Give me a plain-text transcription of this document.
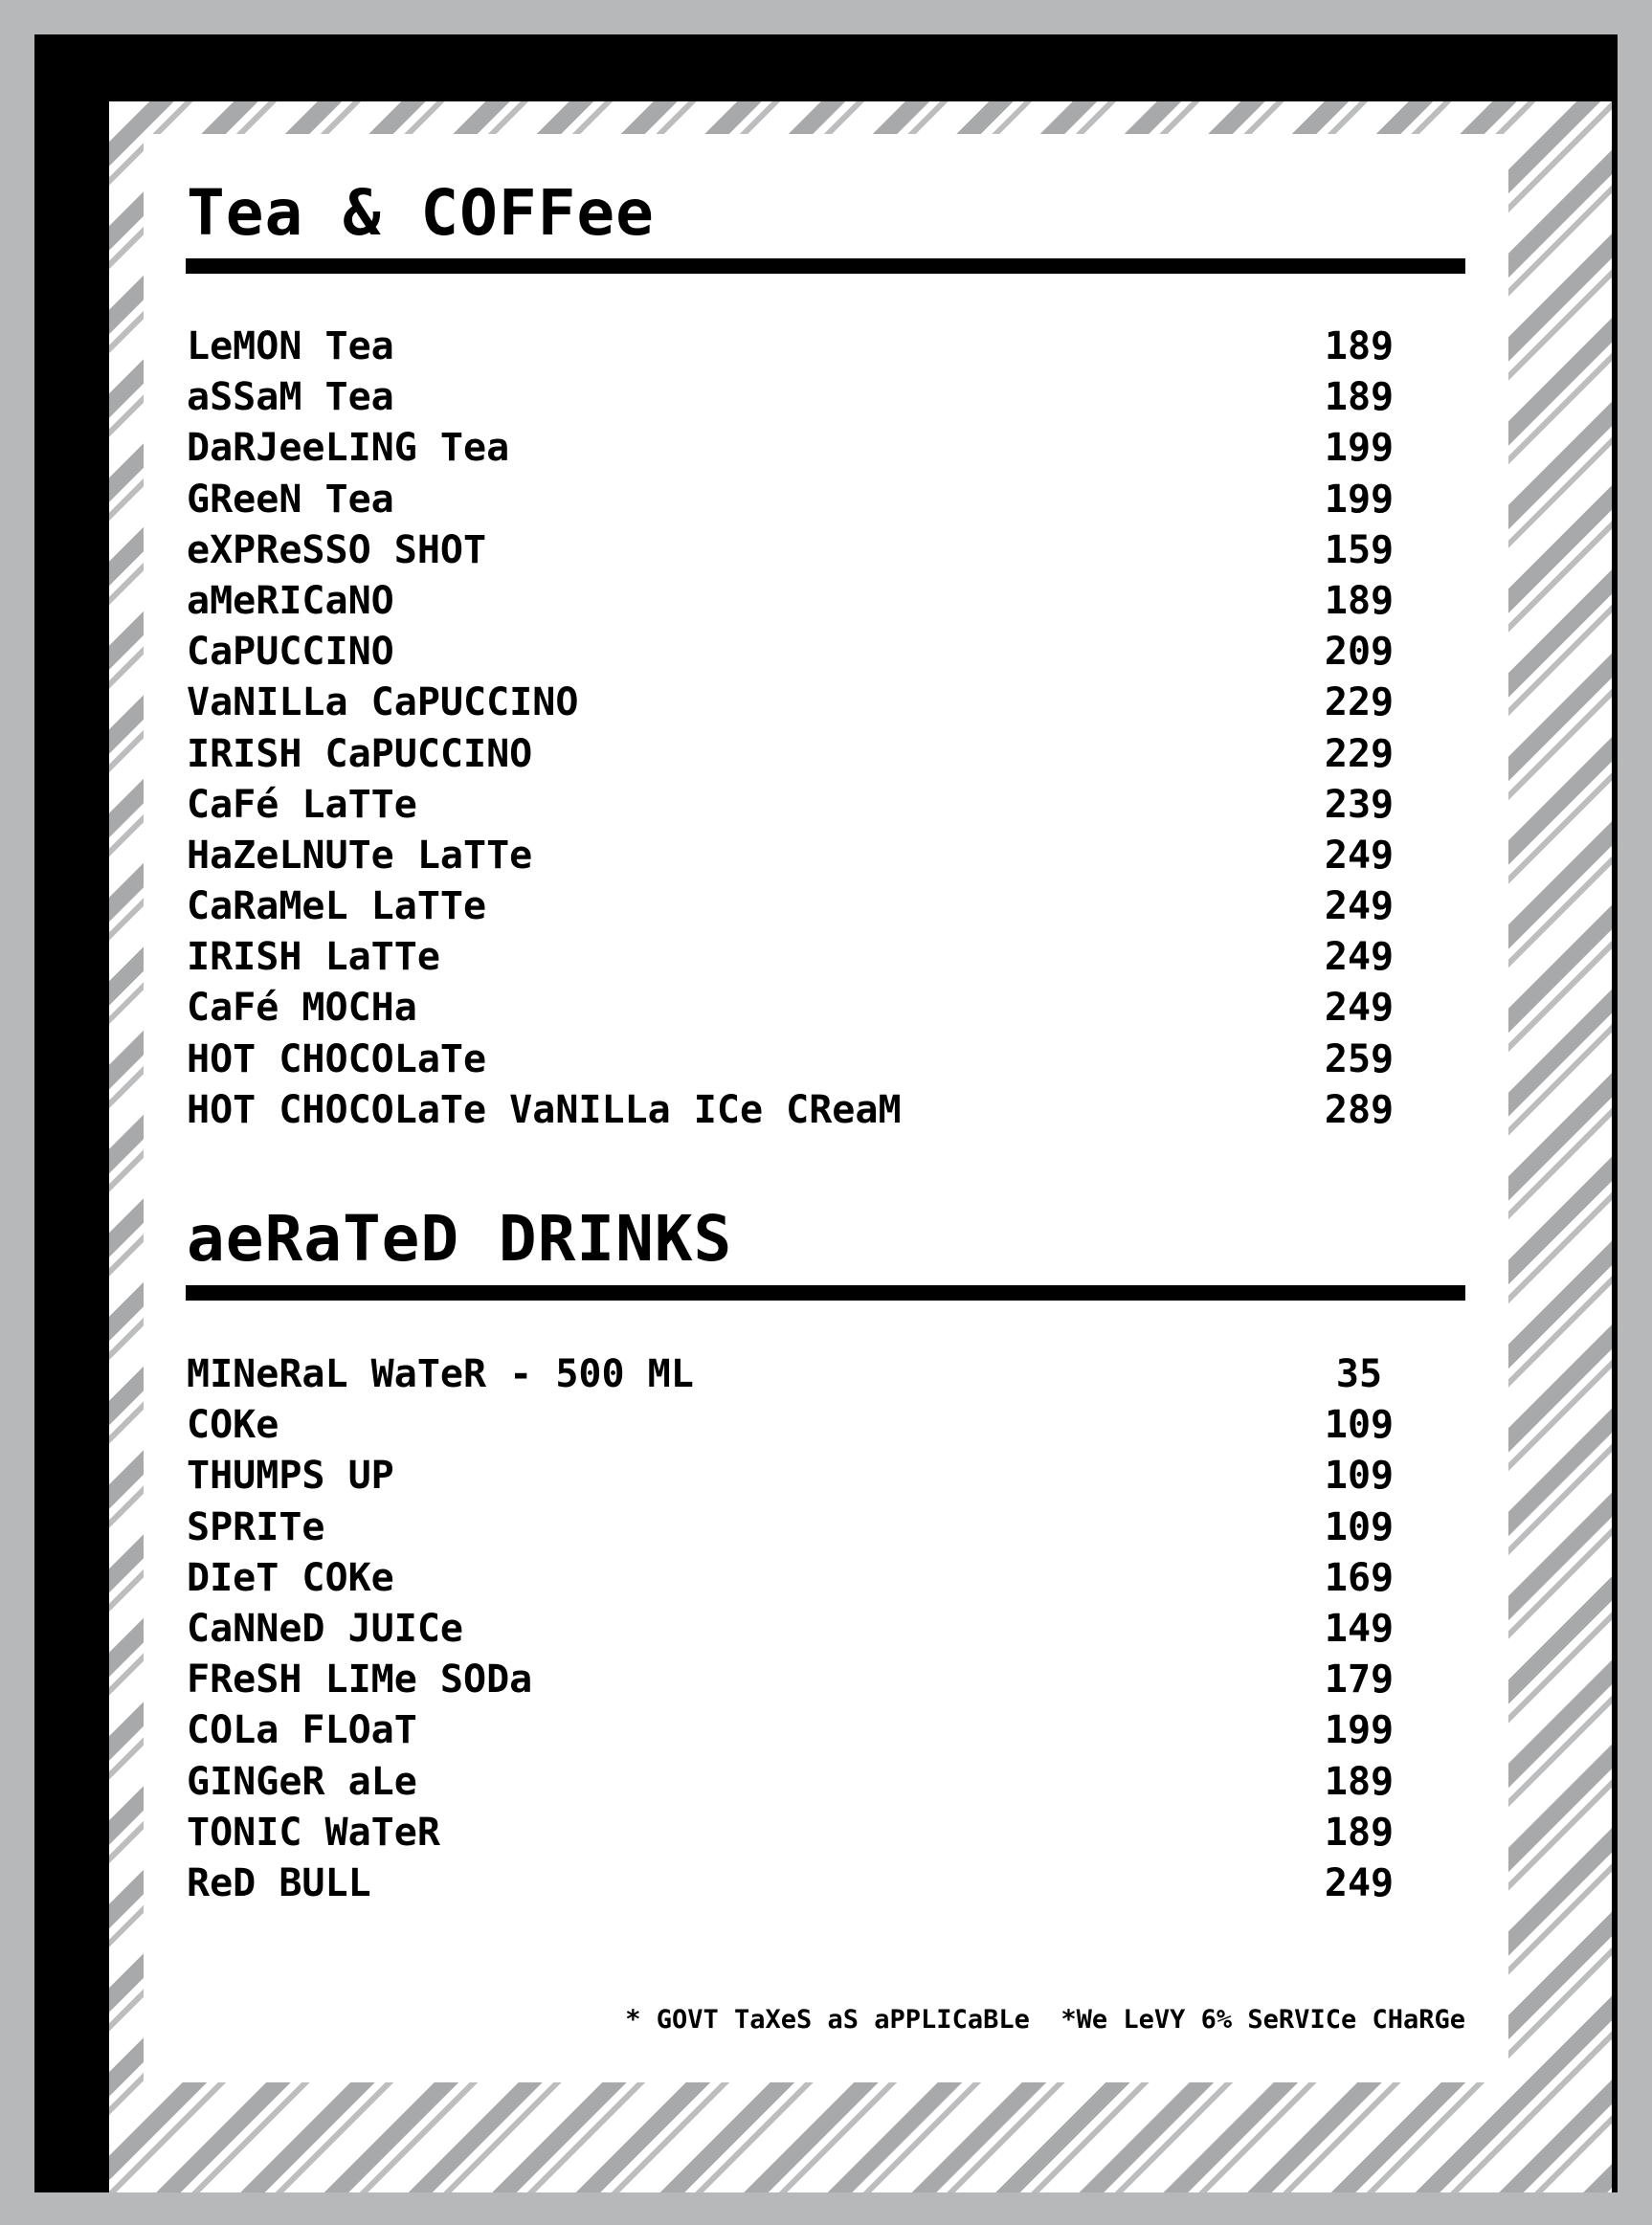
Tea & COFFee
LeMON Tea	189
aSSaM Tea	189
DaRJeeLING Tea	199
GReeN Tea	199
eXPReSSO SHOT	159
aMeRICaNO	189
CaPUCCINO	209
VaNILLa CaPUCCINO	229
IRISH CaPUCCINO	229
CaFé LaTTe	239
HaZeLNUTe LaTTe	249
CaRaMeL LaTTe	249
IRISH LaTTe	249
CaFé MOCHa	249
HOT CHOCOLaTe	259
HOT CHOCOLaTe VaNILLa ICe CReaM	289
aeRaTeD DRINKS
MINeRaL WaTeR - 500 ML	35
COKe	109
THUMPS UP	109
SPRITe	109
DIeT COKe	169
CaNNeD JUICe	149
FReSH LIMe SODa	179
COLa FLOaT	199
GINGeR aLe	189
TONIC WaTeR	189
ReD BULL	249

* GOVT TaXeS aS aPPLICaBLe  *We LeVY 6% SeRVICe CHaRGe
